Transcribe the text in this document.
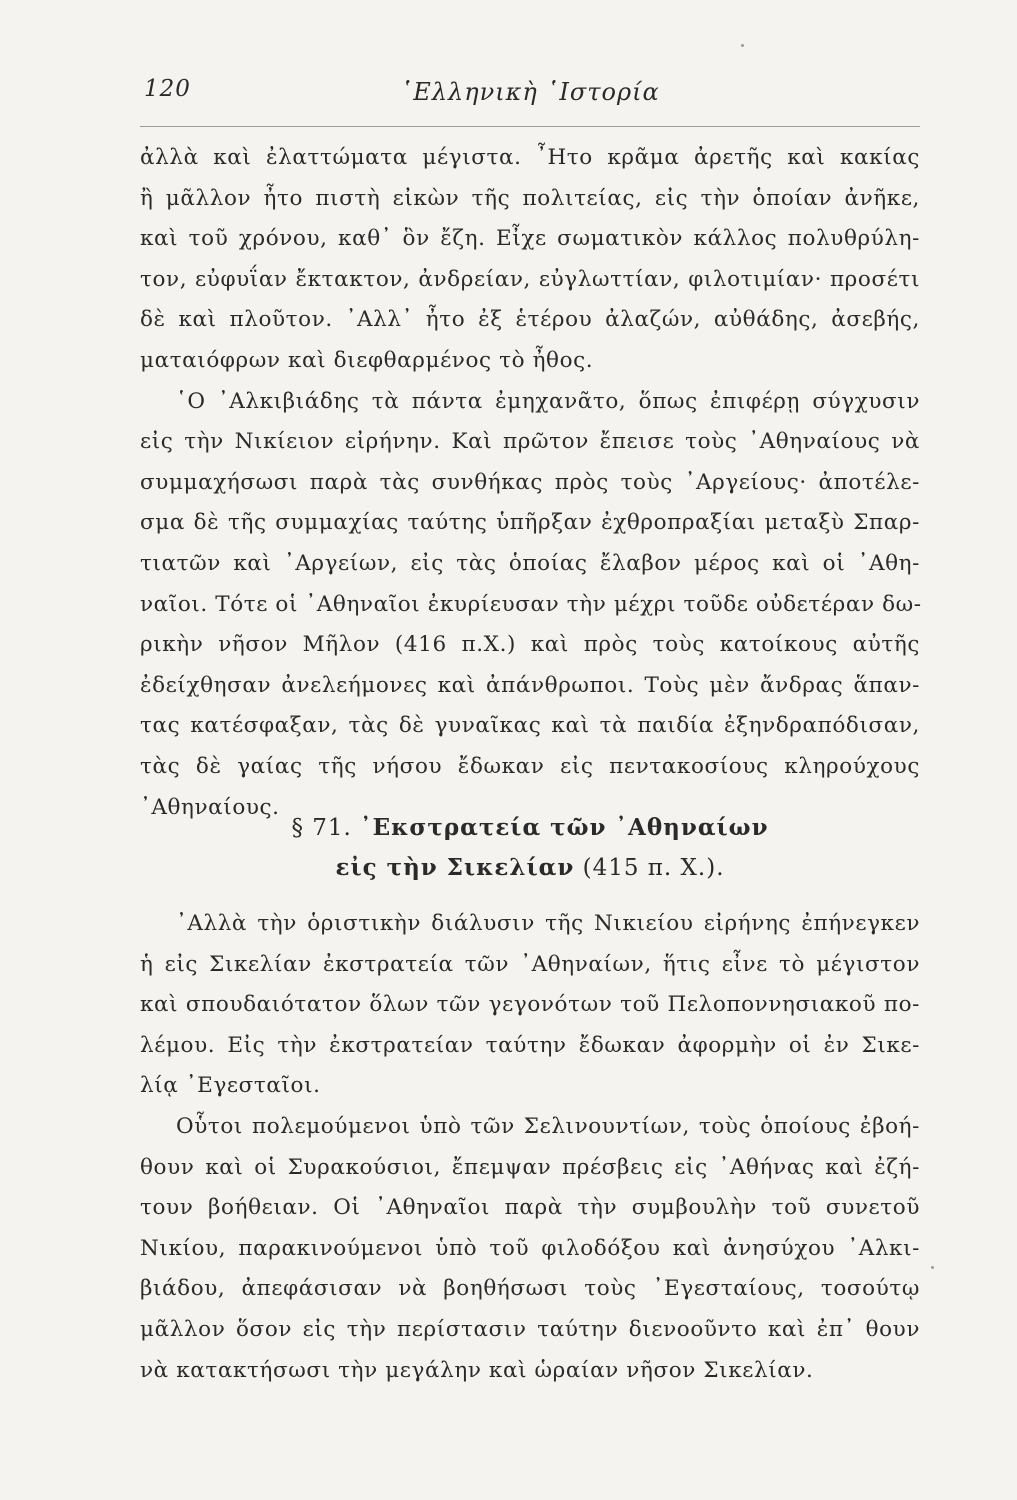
120	῾Ελληνικὴ ῾Ιστορία
ἀλλὰ καὶ ἐλαττώματα μέγιστα. ῏Ητο κρᾶμα ἀρετῆς καὶ κακίας
ἢ μᾶλλον ἦτο πιστὴ εἰκὼν τῆς πολιτείας, εἰς τὴν ὁποίαν ἀνῆκε,
καὶ τοῦ χρόνου, καθ᾽ ὃν ἔζη. Εἶχε σωματικὸν κάλλος πολυθρύλη-
τον, εὐφυΐαν ἔκτακτον, ἀνδρείαν, εὐγλωττίαν, φιλοτιμίαν· προσέτι
δὲ καὶ πλοῦτον. ᾽Αλλ᾽ ἦτο ἐξ ἑτέρου ἀλαζών, αὐθάδης, ἀσεβής,
ματαιόφρων καὶ διεφθαρμένος τὸ ἦθος.
῾Ο ᾽Αλκιβιάδης τὰ πάντα ἐμηχανᾶτο, ὅπως ἐπιφέρῃ σύγχυσιν
εἰς τὴν Νικίειον εἰρήνην. Καὶ πρῶτον ἔπεισε τοὺς ᾽Αθηναίους νὰ
συμμαχήσωσι παρὰ τὰς συνθήκας πρὸς τοὺς ᾽Αργείους· ἀποτέλε-
σμα δὲ τῆς συμμαχίας ταύτης ὑπῆρξαν ἐχθροπραξίαι μεταξὺ Σπαρ-
τιατῶν καὶ ᾽Αργείων, εἰς τὰς ὁποίας ἔλαβον μέρος καὶ οἱ ᾽Αθη-
ναῖοι. Τότε οἱ ᾽Αθηναῖοι ἐκυρίευσαν τὴν μέχρι τοῦδε οὐδετέραν δω-
ρικὴν νῆσον Μῆλον (416 π.Χ.) καὶ πρὸς τοὺς κατοίκους αὐτῆς
ἐδείχθησαν ἀνελεήμονες καὶ ἀπάνθρωποι. Τοὺς μὲν ἄνδρας ἅπαν-
τας κατέσφαξαν, τὰς δὲ γυναῖκας καὶ τὰ παιδία ἐξηνδραπόδισαν,
τὰς δὲ γαίας τῆς νήσου ἔδωκαν εἰς πεντακοσίους κληρούχους
᾽Αθηναίους.
§ 71. ᾽Εκστρατεία τῶν ᾽Αθηναίων
εἰς τὴν Σικελίαν (415 π. Χ.).
᾽Αλλὰ τὴν ὁριστικὴν διάλυσιν τῆς Νικιείου εἰρήνης ἐπήνεγκεν
ἡ εἰς Σικελίαν ἐκστρατεία τῶν ᾽Αθηναίων, ἥτις εἶνε τὸ μέγιστον
καὶ σπουδαιότατον ὅλων τῶν γεγονότων τοῦ Πελοποννησιακοῦ πο-
λέμου. Εἰς τὴν ἐκστρατείαν ταύτην ἔδωκαν ἀφορμὴν οἱ ἐν Σικε-
λίᾳ ᾽Εγεσταῖοι.
Οὗτοι πολεμούμενοι ὑπὸ τῶν Σελινουντίων, τοὺς ὁποίους ἐβοή-
θουν καὶ οἱ Συρακούσιοι, ἔπεμψαν πρέσβεις εἰς ᾽Αθήνας καὶ ἐζή-
τουν βοήθειαν. Οἱ ᾽Αθηναῖοι παρὰ τὴν συμβουλὴν τοῦ συνετοῦ
Νικίου, παρακινούμενοι ὑπὸ τοῦ φιλοδόξου καὶ ἀνησύχου ᾽Αλκι-
βιάδου, ἀπεφάσισαν νὰ βοηθήσωσι τοὺς ᾽Εγεσταίους, τοσούτῳ
μᾶλλον ὅσον εἰς τὴν περίστασιν ταύτην διενοοῦντο καὶ ἐπ᾽ θουν
νὰ κατακτήσωσι τὴν μεγάλην καὶ ὡραίαν νῆσον Σικελίαν.
